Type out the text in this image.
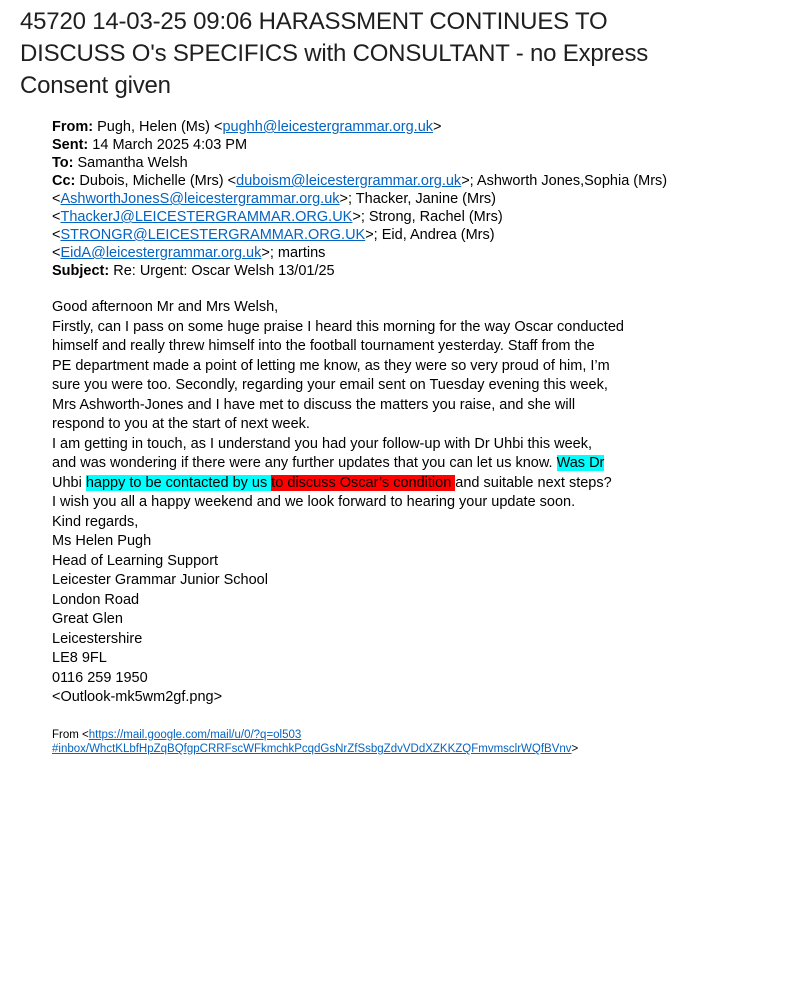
45720 14-03-25 09:06 HARASSMENT CONTINUES TO
DISCUSS O's SPECIFICS with CONSULTANT - no Express
Consent given
From: Pugh, Helen (Ms) <pughh@leicestergrammar.org.uk>
Sent: 14 March 2025 4:03 PM
To: Samantha Welsh
Cc: Dubois, Michelle (Mrs) <duboism@leicestergrammar.org.uk>; Ashworth Jones,Sophia (Mrs)
<AshworthJonesS@leicestergrammar.org.uk>; Thacker, Janine (Mrs)
<ThackerJ@LEICESTERGRAMMAR.ORG.UK>; Strong, Rachel (Mrs)
<STRONGR@LEICESTERGRAMMAR.ORG.UK>; Eid, Andrea (Mrs)
<EidA@leicestergrammar.org.uk>; martins
Subject: Re: Urgent: Oscar Welsh 13/01/25
Good afternoon Mr and Mrs Welsh,
Firstly, can I pass on some huge praise I heard this morning for the way Oscar conducted
himself and really threw himself into the football tournament yesterday. Staff from the
PE department made a point of letting me know, as they were so very proud of him, I’m
sure you were too. Secondly, regarding your email sent on Tuesday evening this week,
Mrs Ashworth-Jones and I have met to discuss the matters you raise, and she will
respond to you at the start of next week.
I am getting in touch, as I understand you had your follow-up with Dr Uhbi this week,
and was wondering if there were any further updates that you can let us know. Was Dr
Uhbi happy to be contacted by us to discuss Oscar’s condition and suitable next steps?
I wish you all a happy weekend and we look forward to hearing your update soon.
Kind regards,
Ms Helen Pugh
Head of Learning Support
Leicester Grammar Junior School
London Road
Great Glen
Leicestershire
LE8 9FL
0116 259 1950
<Outlook-mk5wm2gf.png>
From <https://mail.google.com/mail/u/0/?q=ol503
#inbox/WhctKLbfHpZqBQfgpCRRFscWFkmchkPcqdGsNrZfSsbgZdvVDdXZKKZQFmvmsclrWQfBVnv>
